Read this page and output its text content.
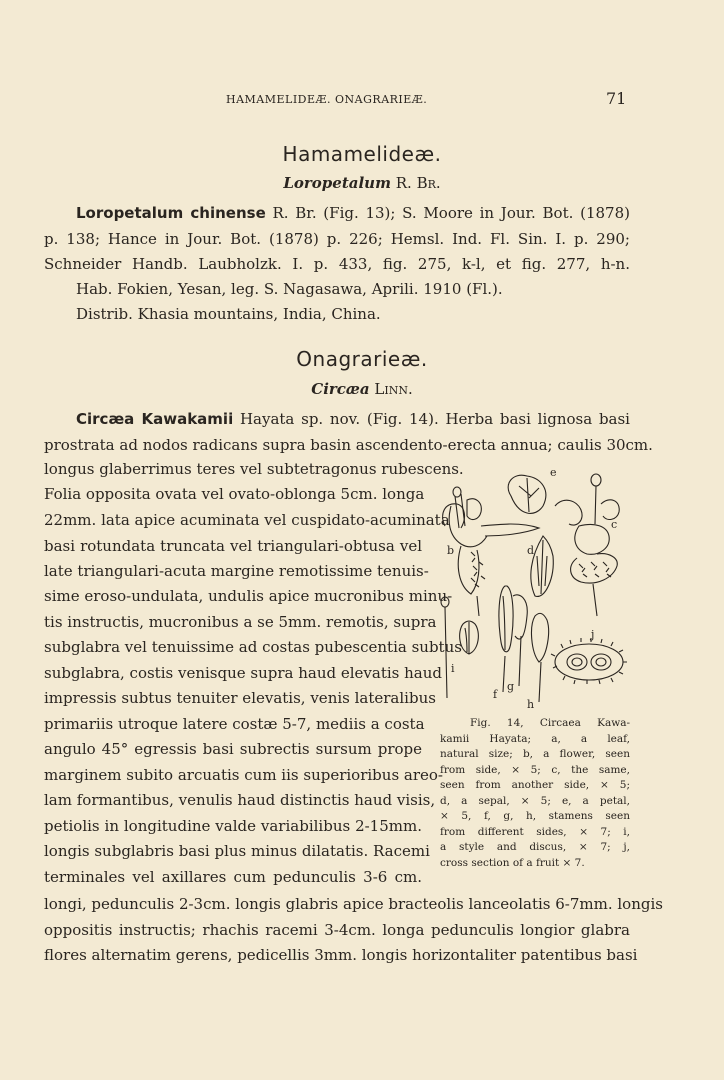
HAMAMELIDEÆ. ONAGRARIEÆ.	71
Hamamelideæ.
Loropetalum R. Br.
Loropetalum chinense R. Br. (Fig. 13); S. Moore in Jour. Bot. (1878)
p. 138; Hance in Jour. Bot. (1878) p. 226; Hemsl. Ind. Fl. Sin. I. p. 290;
Schneider Handb. Laubholzk. I. p. 433, fig. 275, k-l, et fig. 277, h-n.
Hab. Fokien, Yesan, leg. S. Nagasawa, Aprili. 1910 (Fl.).
Distrib. Khasia mountains, India, China.
Onagrarieæ.
Circæa Linn.
Circæa Kawakamii Hayata sp. nov. (Fig. 14). Herba basi lignosa basi
prostrata ad nodos radicans supra basin ascendento-erecta annua; caulis 30cm.
longus glaberrimus teres vel subtetragonus rubescens.
Folia opposita ovata vel ovato-oblonga 5cm. longa
22mm. lata apice acuminata vel cuspidato-acuminata
basi rotundata truncata vel triangulari-obtusa vel
late triangulari-acuta margine remotissime tenuis-
sime eroso-undulata, undulis apice mucronibus minu-
tis instructis, mucronibus a se 5mm. remotis, supra
subglabra vel tenuissime ad costas pubescentia subtus
subglabra, costis venisque supra haud elevatis haud
impressis subtus tenuiter elevatis, venis lateralibus
primariis utroque latere costæ 5-7, mediis a costa
angulo 45° egressis basi subrectis sursum prope
marginem subito arcuatis cum iis superioribus areo-
lam formantibus, venulis haud distinctis haud visis,
petiolis in longitudine valde variabilibus 2-15mm.
longis subglabris basi plus minus dilatatis. Racemi
terminales vel axillares cum pedunculis 3-6 cm.
longi, pedunculis 2-3cm. longis glabris apice bracteolis lanceolatis 6-7mm. longis
oppositis instructis; rhachis racemi 3-4cm. longa pedunculis longior glabra
flores alternatim gerens, pedicellis 3mm. longis horizontaliter patentibus basi
e
c
b	d
j
i
f
g
h
Fig. 14, Circaea Kawa-
kamii Hayata; a, a leaf,
natural size; b, a flower, seen
from side, × 5; c, the same,
seen from another side, × 5;
d, a sepal, × 5; e, a petal,
× 5, f, g, h, stamens seen
from different sides, × 7; i,
a style and discus, × 7; j,
cross section of a fruit × 7.
